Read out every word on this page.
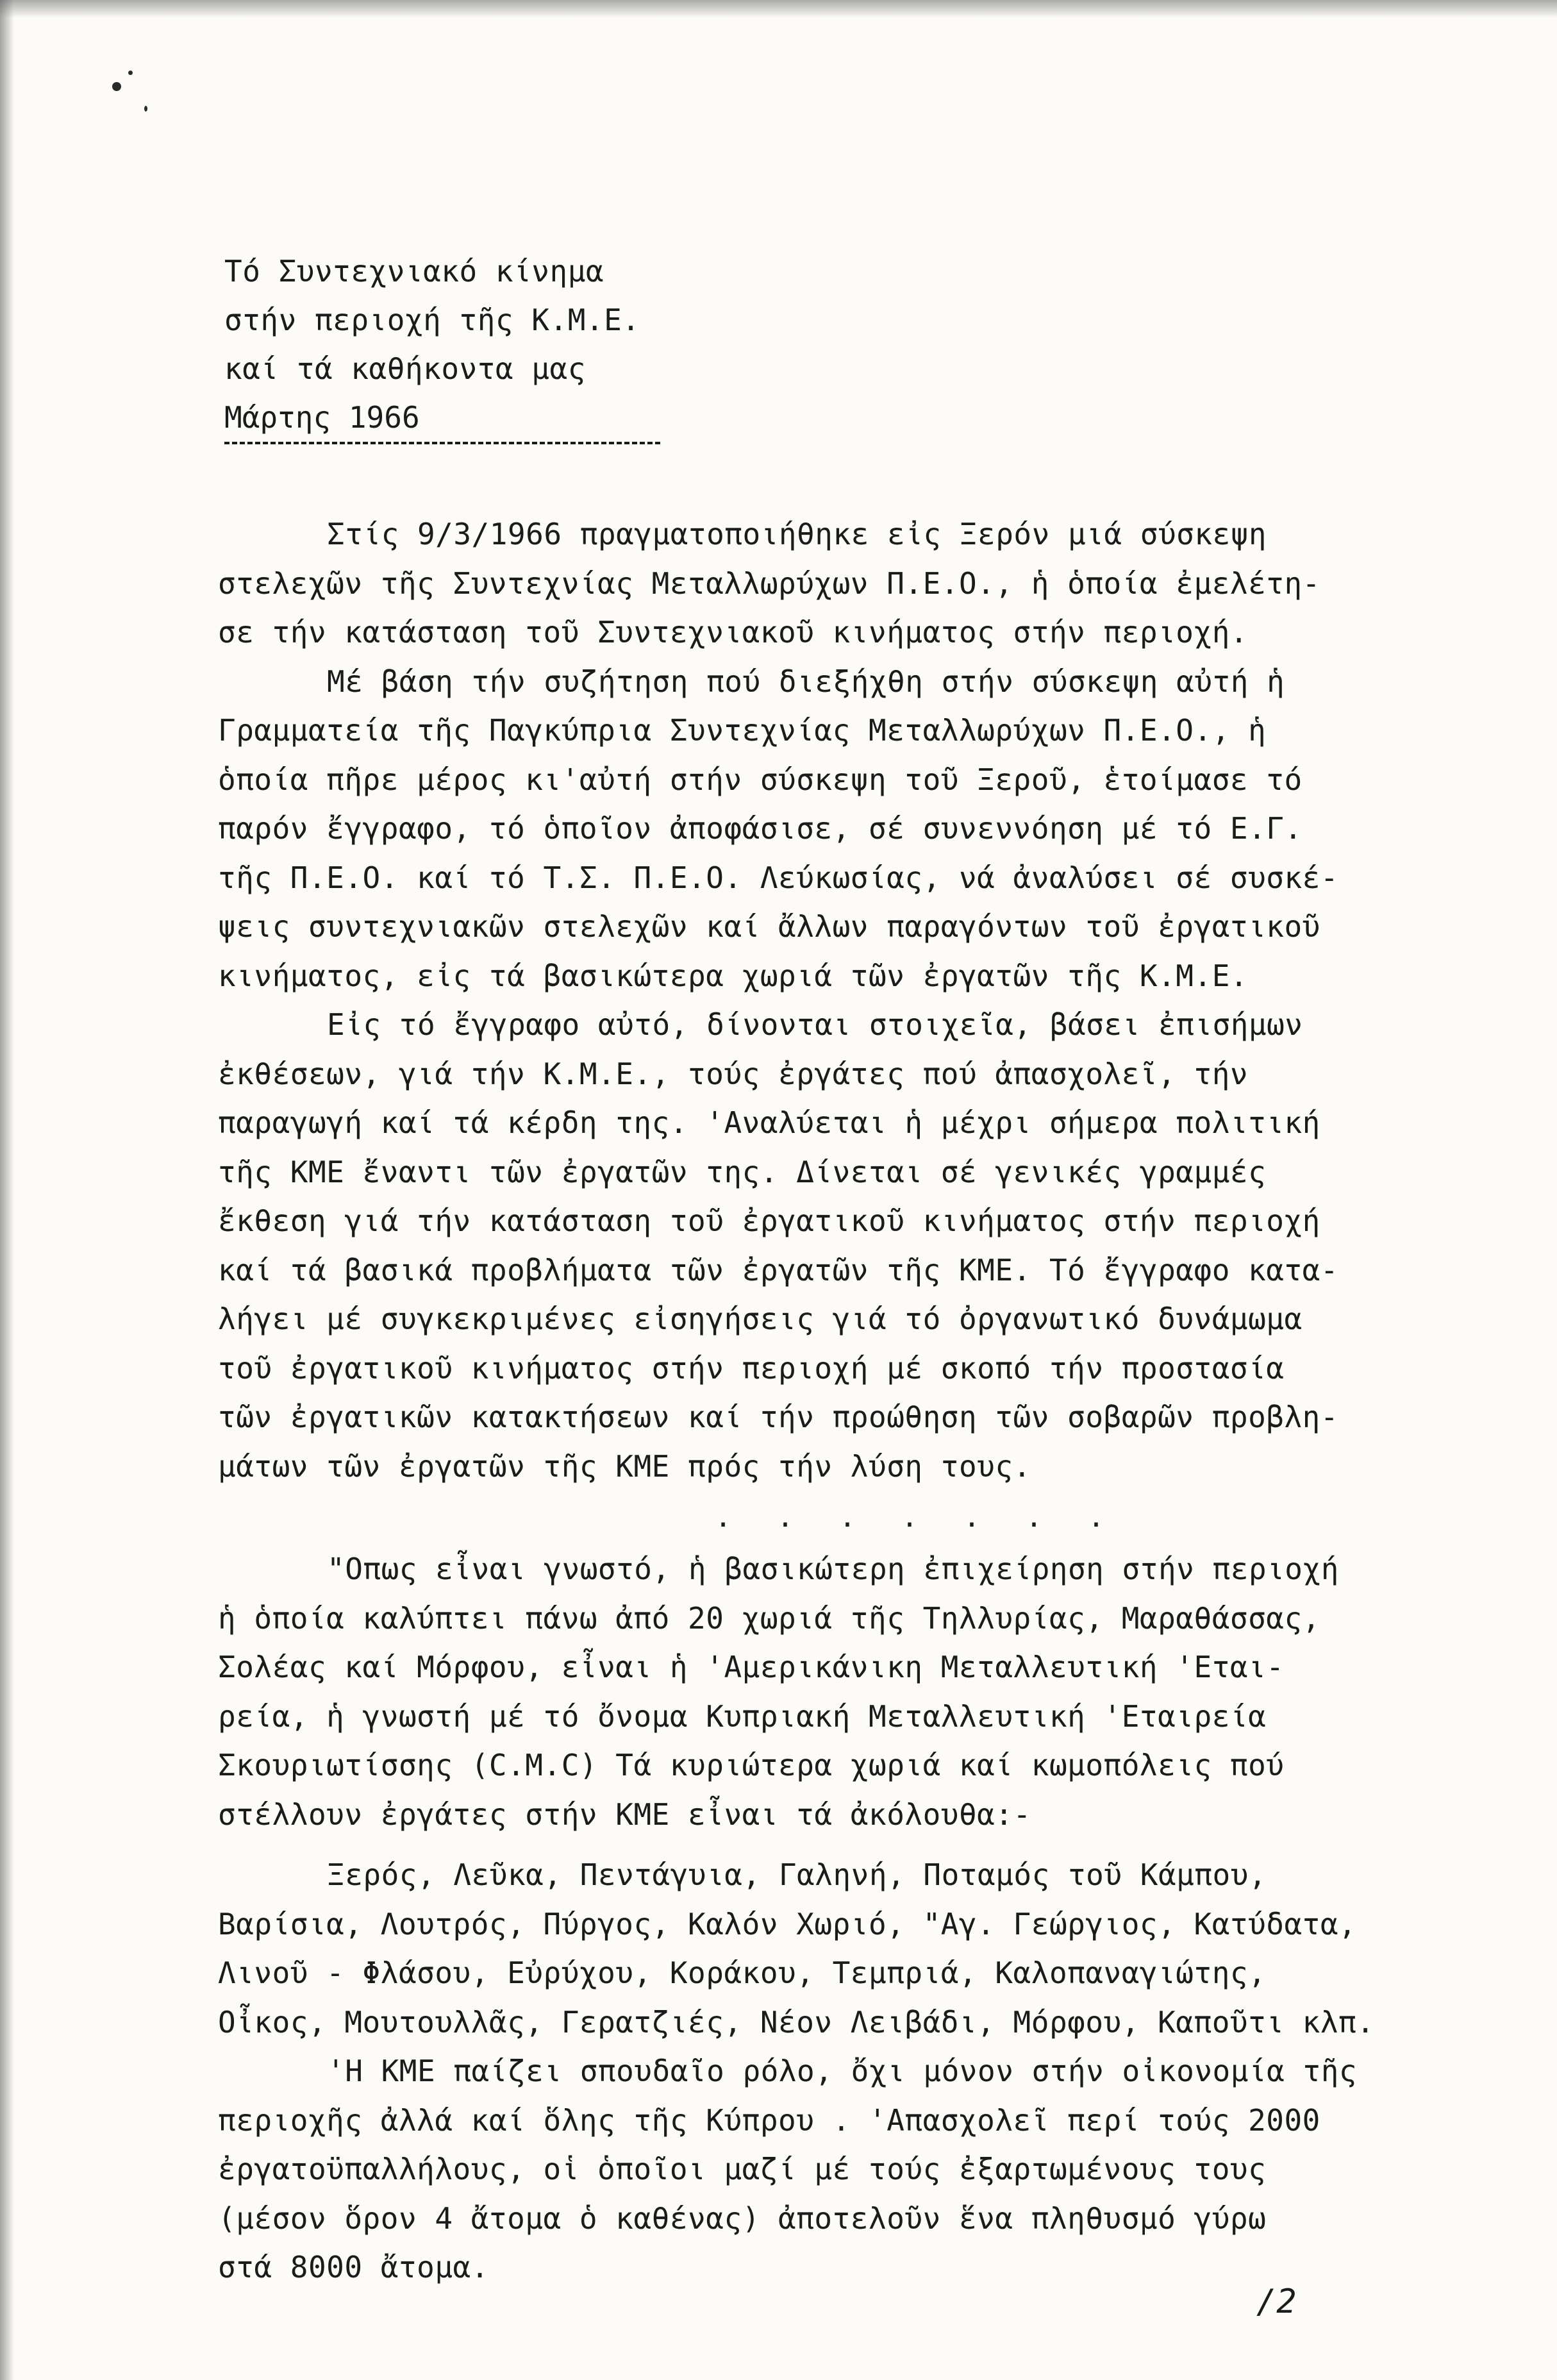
Τό Συντεχνιακό κίνημα
στήν περιοχή τῆς Κ.Μ.Ε.
καί τά καθήκοντα μας
Μάρτης 1966
Στίς 9/3/1966 πραγματοποιήθηκε εἰς Ξερόν μιά σύσκεψη
στελεχῶν τῆς Συντεχνίας Μεταλλωρύχων Π.Ε.Ο., ἡ ὁποία ἐμελέτη-
σε τήν κατάσταση τοῦ Συντεχνιακοῦ κινήματος στήν περιοχή.
Μέ βάση τήν συζήτηση πού διεξήχθη στήν σύσκεψη αὐτή ἡ
Γραμματεία τῆς Παγκύπρια Συντεχνίας Μεταλλωρύχων Π.Ε.Ο., ἡ
ὁποία πῆρε μέρος κι'αὐτή στήν σύσκεψη τοῦ Ξεροῦ, ἑτοίμασε τό
παρόν ἔγγραφο, τό ὁποῖον ἀποφάσισε, σέ συνεννόηση μέ τό Ε.Γ.
τῆς Π.Ε.Ο. καί τό Τ.Σ. Π.Ε.Ο. Λεύκωσίας, νά ἀναλύσει σέ συσκέ-
ψεις συντεχνιακῶν στελεχῶν καί ἄλλων παραγόντων τοῦ ἐργατικοῦ
κινήματος, εἰς τά βασικώτερα χωριά τῶν ἐργατῶν τῆς Κ.Μ.Ε.
Εἰς τό ἔγγραφο αὐτό, δίνονται στοιχεῖα, βάσει ἐπισήμων
ἐκθέσεων, γιά τήν Κ.Μ.Ε., τούς ἐργάτες πού ἀπασχολεῖ, τήν
παραγωγή καί τά κέρδη της. 'Αναλύεται ἡ μέχρι σήμερα πολιτική
τῆς ΚΜΕ ἔναντι τῶν ἐργατῶν της. Δίνεται σέ γενικές γραμμές
ἔκθεση γιά τήν κατάσταση τοῦ ἐργατικοῦ κινήματος στήν περιοχή
καί τά βασικά προβλήματα τῶν ἐργατῶν τῆς ΚΜΕ. Τό ἔγγραφο κατα-
λήγει μέ συγκεκριμένες εἰσηγήσεις γιά τό ὀργανωτικό δυνάμωμα
τοῦ ἐργατικοῦ κινήματος στήν περιοχή μέ σκοπό τήν προστασία
τῶν ἐργατικῶν κατακτήσεων καί τήν προώθηση τῶν σοβαρῶν προβλη-
μάτων τῶν ἐργατῶν τῆς ΚΜΕ πρός τήν λύση τους.
. . . . . . .
"Οπως εἶναι γνωστό, ἡ βασικώτερη ἐπιχείρηση στήν περιοχή
ἡ ὁποία καλύπτει πάνω ἀπό 20 χωριά τῆς Τηλλυρίας, Μαραθάσσας,
Σολέας καί Μόρφου, εἶναι ἡ 'Αμερικάνικη Μεταλλευτική 'Εται-
ρεία, ἡ γνωστή μέ τό ὄνομα Κυπριακή Μεταλλευτική 'Εταιρεία
Σκουριωτίσσης (C.M.C) Τά κυριώτερα χωριά καί κωμοπόλεις πού
στέλλουν ἐργάτες στήν ΚΜΕ εἶναι τά ἀκόλουθα:-
Ξερός, Λεῦκα, Πεντάγυια, Γαληνή, Ποταμός τοῦ Κάμπου,
Βαρίσια, Λουτρός, Πύργος, Καλόν Χωριό, "Αγ. Γεώργιος, Κατύδατα,
Λινοῦ - Φλάσου, Εὐρύχου, Κοράκου, Τεμπριά, Καλοπαναγιώτης,
Οἶκος, Μουτουλλᾶς, Γερατζιές, Νέον Λειβάδι, Μόρφου, Καποῦτι κλπ.
'Η ΚΜΕ παίζει σπουδαῖο ρόλο, ὄχι μόνον στήν οἰκονομία τῆς
περιοχῆς ἀλλά καί ὅλης τῆς Κύπρου . 'Απασχολεῖ περί τούς 2000
ἐργατοϋπαλλήλους, οἱ ὁποῖοι μαζί μέ τούς ἐξαρτωμένους τους
(μέσον ὅρον 4 ἄτομα ὁ καθένας) ἀποτελοῦν ἕνα πληθυσμό γύρω
στά 8000 ἄτομα.
/2
